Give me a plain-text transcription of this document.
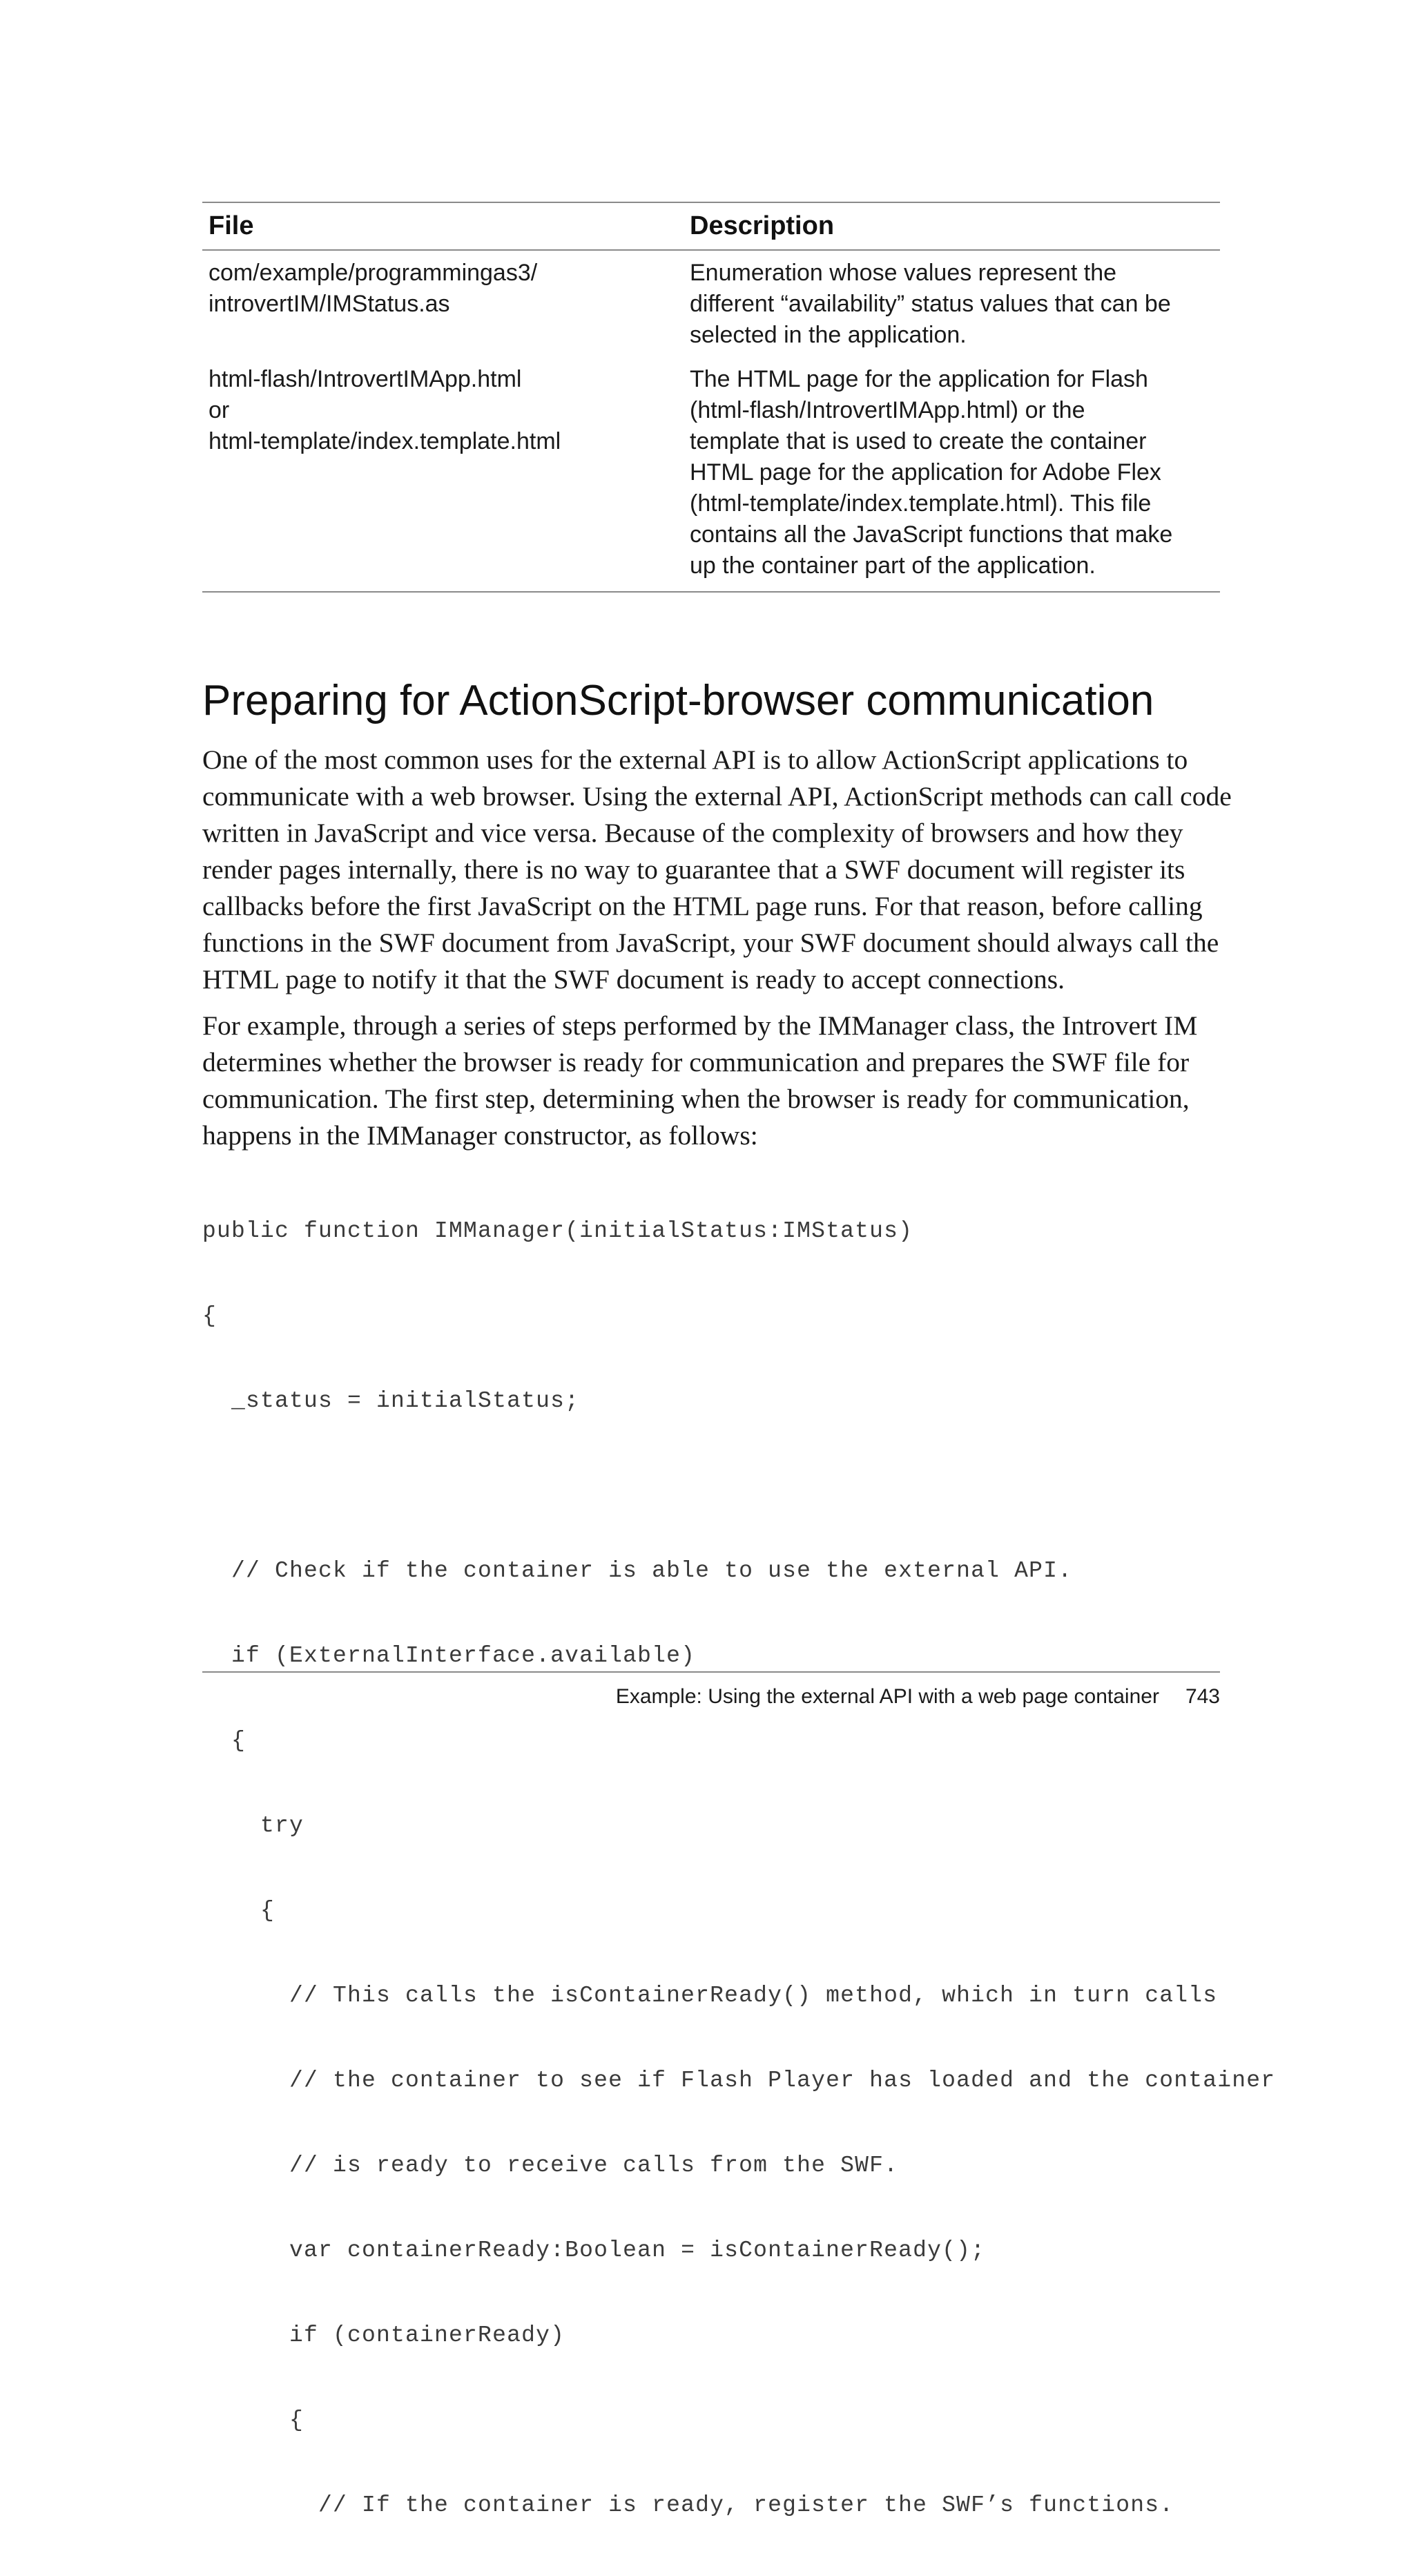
File	Description
com/example/programmingas3/
introvertIM/IMStatus.as
Enumeration whose values represent the
different “availability” status values that can be
selected in the application.
html-flash/IntrovertIMApp.html
or
html-template/index.template.html
The HTML page for the application for Flash
(html-flash/IntrovertIMApp.html) or the
template that is used to create the container
HTML page for the application for Adobe Flex
(html-template/index.template.html). This file
contains all the JavaScript functions that make
up the container part of the application.
Preparing for ActionScript-browser communication

One of the most common uses for the external API is to allow ActionScript applications to
communicate with a web browser. Using the external API, ActionScript methods can call code
written in JavaScript and vice versa. Because of the complexity of browsers and how they
render pages internally, there is no way to guarantee that a SWF document will register its
callbacks before the first JavaScript on the HTML page runs. For that reason, before calling
functions in the SWF document from JavaScript, your SWF document should always call the
HTML page to notify it that the SWF document is ready to accept connections.

For example, through a series of steps performed by the IMManager class, the Introvert IM
determines whether the browser is ready for communication and prepares the SWF file for
communication. The first step, determining when the browser is ready for communication,
happens in the IMManager constructor, as follows:

public function IMManager(initialStatus:IMStatus)

{

_status = initialStatus;

// Check if the container is able to use the external API.

if (ExternalInterface.available)

{

try

{

// This calls the isContainerReady() method, which in turn calls

// the container to see if Flash Player has loaded and the container

// is ready to receive calls from the SWF.

var containerReady:Boolean = isContainerReady();

if (containerReady)

{

// If the container is ready, register the SWF’s functions.

Example: Using the external API with a web page container 743
